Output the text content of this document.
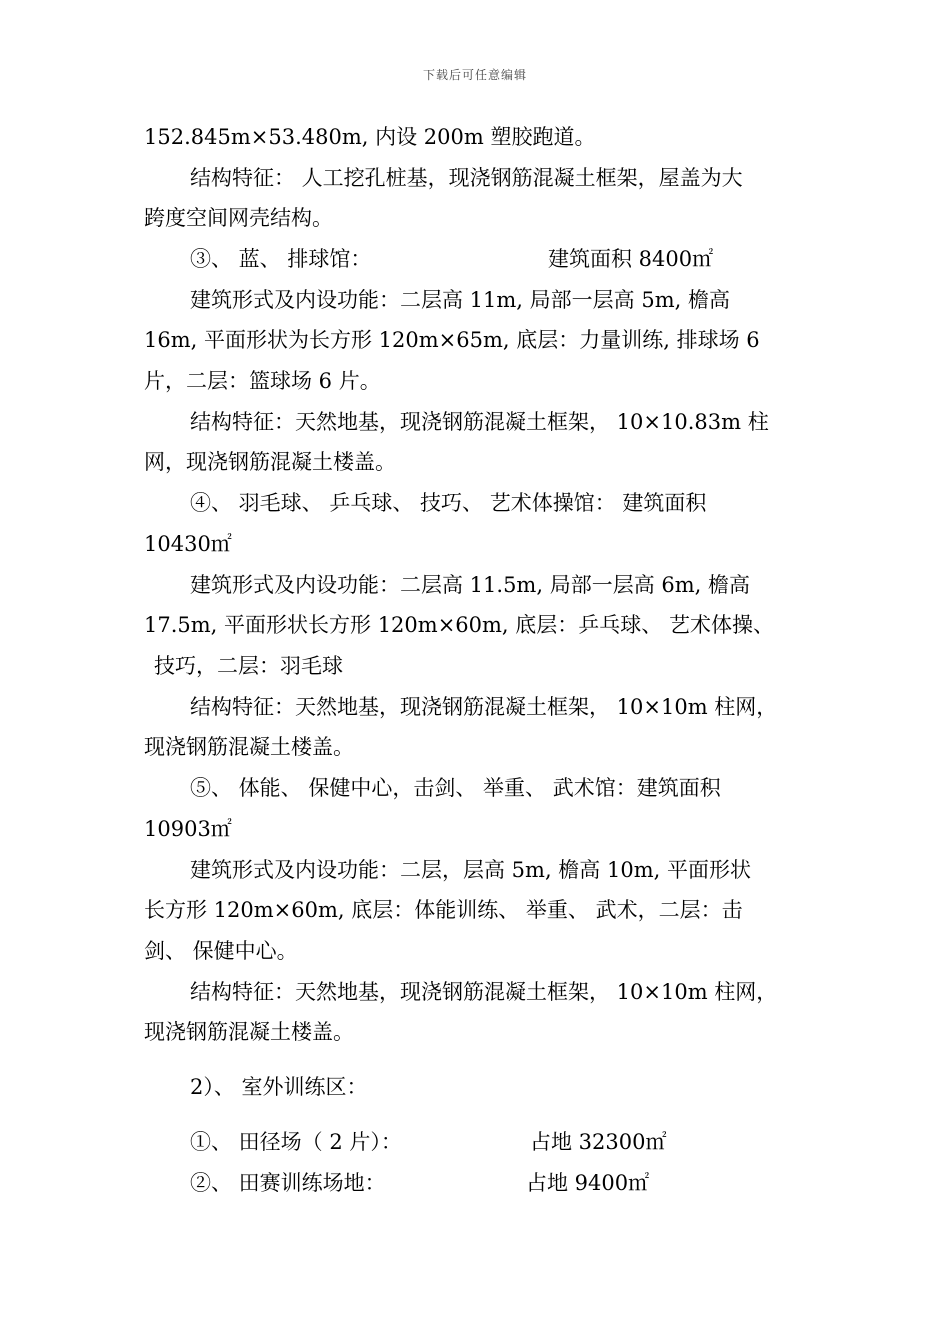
下载后可任意编辑
152.845m×53.480m, 内设 200m 塑胶跑道。
结构特征： 人工挖孔桩基，现浇钢筋混凝土框架，屋盖为大
跨度空间网壳结构。
③、 蓝、 排球馆：	建筑面积 8400㎡
建筑形式及内设功能：二层高 11m, 局部一层高 5m, 檐高
16m, 平面形状为长方形 120m×65m, 底层：力量训练, 排球场 6
片，二层：篮球场 6 片。
结构特征：天然地基，现浇钢筋混凝土框架， 10×10.83m 柱
网，现浇钢筋混凝土楼盖。
④、 羽毛球、 乒乓球、 技巧、 艺术体操馆： 建筑面积
10430㎡
建筑形式及内设功能：二层高 11.5m, 局部一层高 6m, 檐高
17.5m, 平面形状长方形 120m×60m, 底层：乒乓球、 艺术体操、
技巧，二层：羽毛球
结构特征：天然地基，现浇钢筋混凝土框架， 10×10m 柱网，
现浇钢筋混凝土楼盖。
⑤、 体能、 保健中心，击剑、 举重、 武术馆：建筑面积
10903㎡
建筑形式及内设功能：二层，层高 5m, 檐高 10m, 平面形状
长方形 120m×60m, 底层：体能训练、 举重、 武术，二层：击
剑、 保健中心。
结构特征：天然地基，现浇钢筋混凝土框架， 10×10m 柱网，
现浇钢筋混凝土楼盖。
2）、 室外训练区：
①、 田径场（ 2 片）：	占地 32300㎡
②、 田赛训练场地：	占地 9400㎡
